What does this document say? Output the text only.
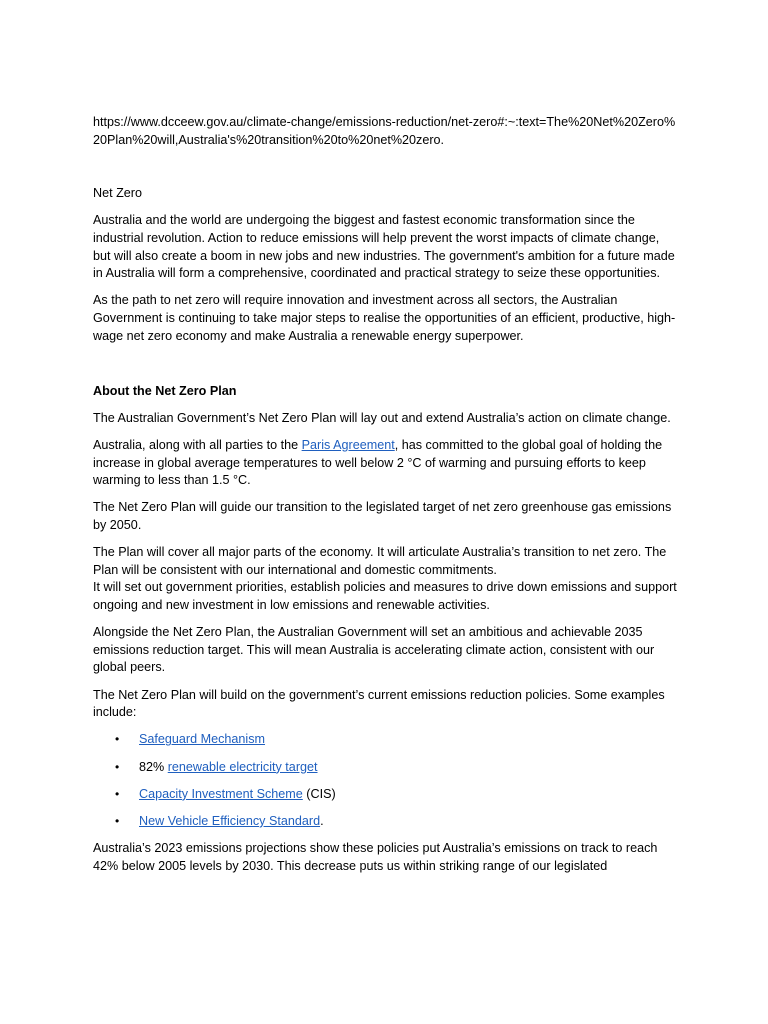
https://www.dcceew.gov.au/climate-change/emissions-reduction/net-zero#:~:text=The%20Net%20Zero%20Plan%20will,Australia's%20transition%20to%20net%20zero.

Net Zero

Australia and the world are undergoing the biggest and fastest economic transformation since the industrial revolution. Action to reduce emissions will help prevent the worst impacts of climate change, but will also create a boom in new jobs and new industries. The government's ambition for a future made in Australia will form a comprehensive, coordinated and practical strategy to seize these opportunities.

As the path to net zero will require innovation and investment across all sectors, the Australian Government is continuing to take major steps to realise the opportunities of an efficient, productive, high-wage net zero economy and make Australia a renewable energy superpower.

About the Net Zero Plan

The Australian Government’s Net Zero Plan will lay out and extend Australia’s action on climate change.

Australia, along with all parties to the Paris Agreement, has committed to the global goal of holding the increase in global average temperatures to well below 2 °C of warming and pursuing efforts to keep warming to less than 1.5 °C.

The Net Zero Plan will guide our transition to the legislated target of net zero greenhouse gas emissions by 2050.

The Plan will cover all major parts of the economy. It will articulate Australia’s transition to net zero. The Plan will be consistent with our international and domestic commitments.
It will set out government priorities, establish policies and measures to drive down emissions and support ongoing and new investment in low emissions and renewable activities.

Alongside the Net Zero Plan, the Australian Government will set an ambitious and achievable 2035 emissions reduction target. This will mean Australia is accelerating climate action, consistent with our global peers.

The Net Zero Plan will build on the government’s current emissions reduction policies. Some examples include:

• Safeguard Mechanism
• 82% renewable electricity target
• Capacity Investment Scheme (CIS)
• New Vehicle Efficiency Standard.

Australia’s 2023 emissions projections show these policies put Australia’s emissions on track to reach 42% below 2005 levels by 2030. This decrease puts us within striking range of our legislated
